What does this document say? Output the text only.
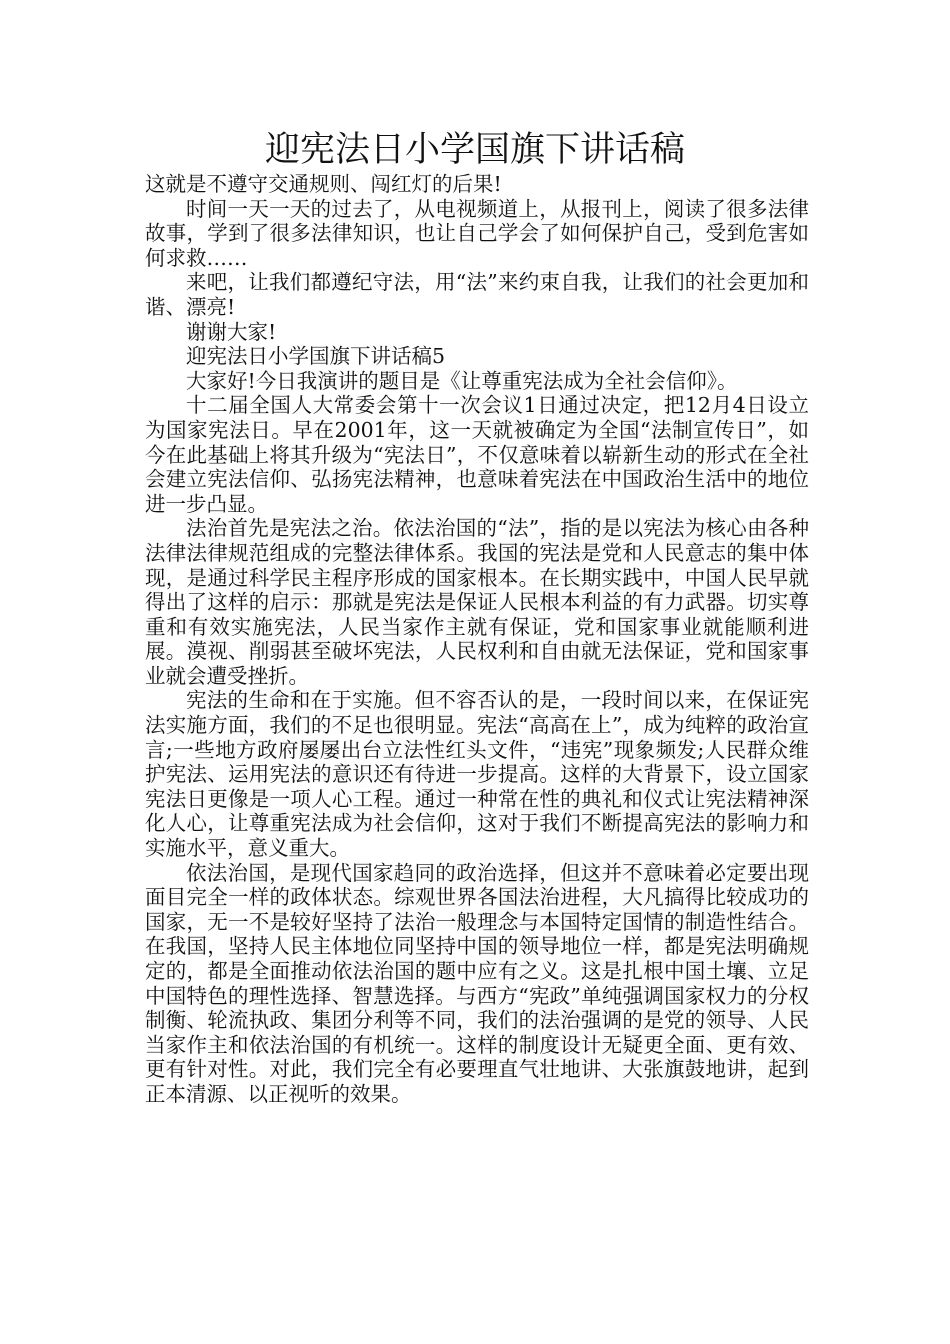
迎宪法日小学国旗下讲话稿

这就是不遵守交通规则、闯红灯的后果!

时间一天一天的过去了，从电视频道上，从报刊上，阅读了很多法律故事，学到了很多法律知识，也让自己学会了如何保护自己，受到危害如何求救……

来吧，让我们都遵纪守法，用“法”来约束自我，让我们的社会更加和谐、漂亮!

谢谢大家!

迎宪法日小学国旗下讲话稿5

大家好!今日我演讲的题目是《让尊重宪法成为全社会信仰》。

十二届全国人大常委会第十一次会议1日通过决定，把12月4日设立为国家宪法日。早在2001年，这一天就被确定为全国“法制宣传日”，如今在此基础上将其升级为“宪法日”，不仅意味着以崭新生动的形式在全社会建立宪法信仰、弘扬宪法精神，也意味着宪法在中国政治生活中的地位进一步凸显。

法治首先是宪法之治。依法治国的“法”，指的是以宪法为核心由各种法律法律规范组成的完整法律体系。我国的宪法是党和人民意志的集中体现，是通过科学民主程序形成的国家根本。在长期实践中，中国人民早就得出了这样的启示：那就是宪法是保证人民根本利益的有力武器。切实尊重和有效实施宪法，人民当家作主就有保证，党和国家事业就能顺利进展。漠视、削弱甚至破坏宪法，人民权利和自由就无法保证，党和国家事业就会遭受挫折。

宪法的生命和在于实施。但不容否认的是，一段时间以来，在保证宪法实施方面，我们的不足也很明显。宪法“高高在上”，成为纯粹的政治宣言;一些地方政府屡屡出台立法性红头文件，“违宪”现象频发;人民群众维护宪法、运用宪法的意识还有待进一步提高。这样的大背景下，设立国家宪法日更像是一项人心工程。通过一种常在性的典礼和仪式让宪法精神深化人心，让尊重宪法成为社会信仰，这对于我们不断提高宪法的影响力和实施水平，意义重大。

依法治国，是现代国家趋同的政治选择，但这并不意味着必定要出现面目完全一样的政体状态。综观世界各国法治进程，大凡搞得比较成功的国家，无一不是较好坚持了法治一般理念与本国特定国情的制造性结合。在我国，坚持人民主体地位同坚持中国的领导地位一样，都是宪法明确规定的，都是全面推动依法治国的题中应有之义。这是扎根中国土壤、立足中国特色的理性选择、智慧选择。与西方“宪政”单纯强调国家权力的分权制衡、轮流执政、集团分利等不同，我们的法治强调的是党的领导、人民当家作主和依法治国的有机统一。这样的制度设计无疑更全面、更有效、更有针对性。对此，我们完全有必要理直气壮地讲、大张旗鼓地讲，起到正本清源、以正视听的效果。
